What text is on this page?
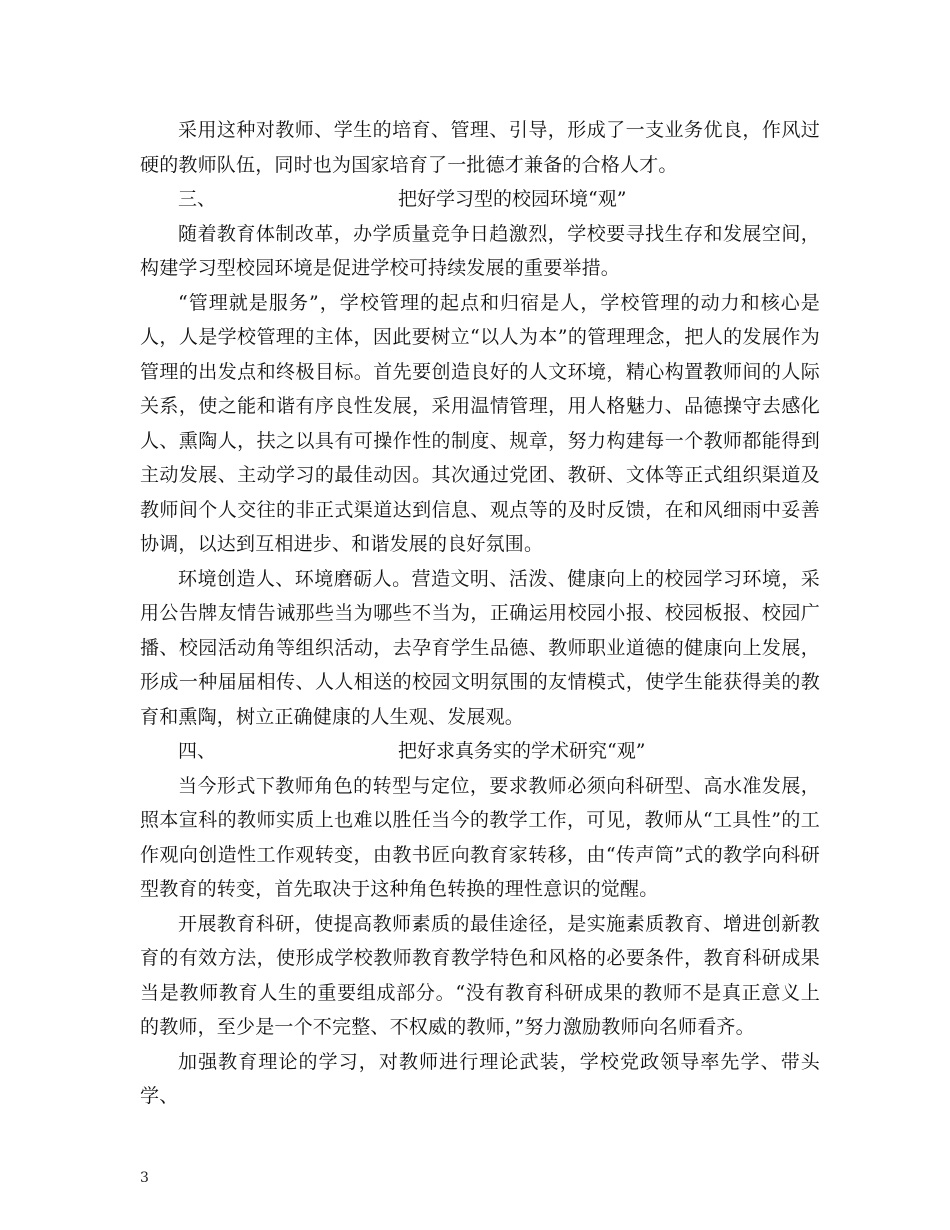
采用这种对教师、学生的培育、管理、引导，形成了一支业务优良，作风过硬的教师队伍，同时也为国家培育了一批德才兼备的合格人才。

三、	把好学习型的校园环境“观”

随着教育体制改革，办学质量竞争日趋激烈，学校要寻找生存和发展空间，构建学习型校园环境是促进学校可持续发展的重要举措。

“管理就是服务”，学校管理的起点和归宿是人，学校管理的动力和核心是人，人是学校管理的主体，因此要树立“以人为本”的管理理念，把人的发展作为管理的出发点和终极目标。首先要创造良好的人文环境，精心构置教师间的人际关系，使之能和谐有序良性发展，采用温情管理，用人格魅力、品德操守去感化人、熏陶人，扶之以具有可操作性的制度、规章，努力构建每一个教师都能得到主动发展、主动学习的最佳动因。其次通过党团、教研、文体等正式组织渠道及教师间个人交往的非正式渠道达到信息、观点等的及时反馈，在和风细雨中妥善协调，以达到互相进步、和谐发展的良好氛围。

环境创造人、环境磨砺人。营造文明、活泼、健康向上的校园学习环境，采用公告牌友情告诫那些当为哪些不当为，正确运用校园小报、校园板报、校园广播、校园活动角等组织活动，去孕育学生品德、教师职业道德的健康向上发展，形成一种届届相传、人人相送的校园文明氛围的友情模式，使学生能获得美的教育和熏陶，树立正确健康的人生观、发展观。

四、	把好求真务实的学术研究“观”

当今形式下教师角色的转型与定位，要求教师必须向科研型、高水准发展，照本宣科的教师实质上也难以胜任当今的教学工作，可见，教师从“工具性”的工作观向创造性工作观转变，由教书匠向教育家转移，由“传声筒”式的教学向科研型教育的转变，首先取决于这种角色转换的理性意识的觉醒。

开展教育科研，使提高教师素质的最佳途径，是实施素质教育、增进创新教育的有效方法，使形成学校教师教育教学特色和风格的必要条件，教育科研成果当是教师教育人生的重要组成部分。“没有教育科研成果的教师不是真正意义上的教师，至少是一个不完整、不权威的教师，”努力激励教师向名师看齐。

加强教育理论的学习，对教师进行理论武装，学校党政领导率先学、带头学、

3
